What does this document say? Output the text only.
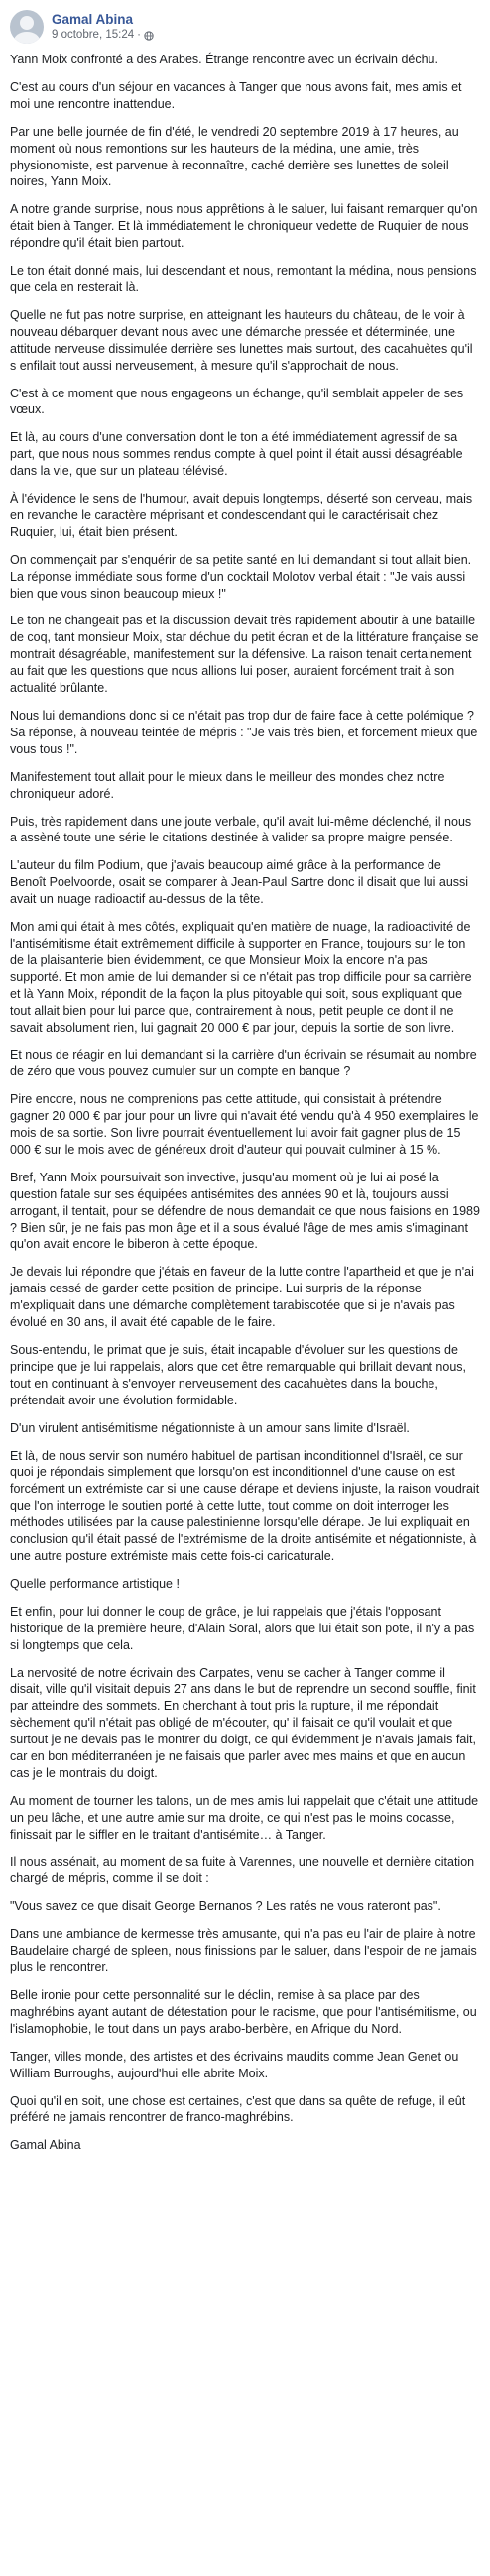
Gamal Abina
9 octobre, 15:24 ·

Yann Moix confronté a des Arabes. Étrange rencontre avec un écrivain déchu.

C'est au cours d'un séjour en vacances à Tanger que nous avons fait, mes amis et moi une rencontre inattendue.

Par une belle journée de fin d'été, le vendredi 20 septembre 2019 à 17 heures, au moment où nous remontions sur les hauteurs de la médina, une amie, très physionomiste, est parvenue à reconnaître, caché derrière ses lunettes de soleil noires, Yann Moix.

A notre grande surprise, nous nous apprêtions à le saluer, lui faisant remarquer qu'on était bien à Tanger. Et là immédiatement le chroniqueur vedette de Ruquier de nous répondre qu'il était bien partout.

Le ton était donné mais, lui descendant et nous, remontant la médina, nous pensions que cela en resterait là.

Quelle ne fut pas notre surprise, en atteignant les hauteurs du château, de le voir à nouveau débarquer devant nous avec une démarche pressée et déterminée, une attitude nerveuse dissimulée derrière ses lunettes mais surtout, des cacahuètes qu'il s enfilait tout aussi nerveusement, à mesure qu'il s'approchait de nous.

C'est à ce moment que nous engageons un échange, qu'il semblait appeler de ses vœux.

Et là, au cours d'une conversation dont le ton a été immédiatement agressif de sa part, que nous nous sommes rendus compte à quel point il était aussi désagréable dans la vie, que sur un plateau télévisé.

À l'évidence le sens de l'humour, avait depuis longtemps, déserté son cerveau, mais en revanche le caractère méprisant et condescendant qui le caractérisait chez Ruquier, lui, était bien présent.

On commençait par s'enquérir de sa petite santé en lui demandant si tout allait bien. La réponse immédiate sous forme d'un cocktail Molotov verbal était : "Je vais aussi bien que vous sinon beaucoup mieux !"

Le ton ne changeait pas et la discussion devait très rapidement aboutir à une bataille de coq, tant monsieur Moix, star déchue du petit écran et de la littérature française se montrait désagréable, manifestement sur la défensive. La raison tenait certainement au fait que les questions que nous allions lui poser, auraient forcément trait à son actualité brûlante.

Nous lui demandions donc si ce n'était pas trop dur de faire face à cette polémique ? Sa réponse, à nouveau teintée de mépris : "Je vais très bien, et forcement mieux que vous tous !".

Manifestement tout allait pour le mieux dans le meilleur des mondes chez notre chroniqueur adoré.

Puis, très rapidement dans une joute verbale, qu'il avait lui-même déclenché, il nous a assèné toute une série le citations destinée à valider sa propre maigre pensée.

L'auteur du film Podium, que j'avais beaucoup aimé grâce à la performance de Benoît Poelvoorde, osait se comparer à Jean-Paul Sartre donc il disait que lui aussi avait un nuage radioactif au-dessus de la tête.

Mon ami qui était à mes côtés, expliquait qu'en matière de nuage, la radioactivité de l'antisémitisme était extrêmement difficile à supporter en France, toujours sur le ton de la plaisanterie bien évidemment, ce que Monsieur Moix la encore n'a pas supporté. Et mon amie de lui demander si ce n'était pas trop difficile pour sa carrière et là Yann Moix, répondit de la façon la plus pitoyable qui soit, sous expliquant que tout allait bien pour lui parce que, contrairement à nous, petit peuple ce dont il ne savait absolument rien, lui gagnait 20 000 € par jour, depuis la sortie de son livre.

Et nous de réagir en lui demandant si la carrière d'un écrivain se résumait au nombre de zéro que vous pouvez cumuler sur un compte en banque ?

Pire encore, nous ne comprenions pas cette attitude, qui consistait à prétendre gagner 20 000 € par jour pour un livre qui n'avait été vendu qu'à 4 950 exemplaires le mois de sa sortie. Son livre pourrait éventuellement lui avoir fait gagner plus de 15 000 € sur le mois avec de généreux droit d'auteur qui pouvait culminer à 15 %.

Bref, Yann Moix poursuivait son invective, jusqu'au moment où je lui ai posé la question fatale sur ses équipées antisémites des années 90 et là, toujours aussi arrogant, il tentait, pour se défendre de nous demandait ce que nous faisions en 1989 ? Bien sûr, je ne fais pas mon âge et il a sous évalué l'âge de mes amis s'imaginant qu'on avait encore le biberon à cette époque.

Je devais lui répondre que j'étais en faveur de la lutte contre l'apartheid et que je n'ai jamais cessé de garder cette position de principe. Lui surpris de la réponse m'expliquait dans une démarche complètement tarabiscotée que si je n'avais pas évolué en 30 ans, il avait été capable de le faire.

Sous-entendu, le primat que je suis, était incapable d'évoluer sur les questions de principe que je lui rappelais, alors que cet être remarquable qui brillait devant nous, tout en continuant à s'envoyer nerveusement des cacahuètes dans la bouche, prétendait avoir une évolution formidable.

D'un virulent antisémitisme négationniste à un amour sans limite d'Israël.

Et là, de nous servir son numéro habituel de partisan inconditionnel d'Israël, ce sur quoi je répondais simplement que lorsqu'on est inconditionnel d'une cause on est forcément un extrémiste car si une cause dérape et deviens injuste, la raison voudrait que l'on interroge le soutien porté à cette lutte, tout comme on doit interroger les méthodes utilisées par la cause palestinienne lorsqu'elle dérape. Je lui expliquait en conclusion qu'il était passé de l'extrémisme de la droite antisémite et négationniste, à une autre posture extrémiste mais cette fois-ci caricaturale.

Quelle performance artistique !

Et enfin, pour lui donner le coup de grâce, je lui rappelais que j'étais l'opposant historique de la première heure, d'Alain Soral, alors que lui était son pote, il n'y a pas si longtemps que cela.

La nervosité de notre écrivain des Carpates, venu se cacher à Tanger comme il disait, ville qu'il visitait depuis 27 ans dans le but de reprendre un second souffle, finit par atteindre des sommets. En cherchant à tout pris la rupture, il me répondait sèchement qu'il n'était pas obligé de m'écouter, qu' il faisait ce qu'il voulait et que surtout je ne devais pas le montrer du doigt, ce qui évidemment je n'avais jamais fait, car en bon méditerranéen je ne faisais que parler avec mes mains et que en aucun cas je le montrais du doigt.

Au moment de tourner les talons, un de mes amis lui rappelait que c'était une attitude un peu lâche, et une autre amie sur ma droite, ce qui n'est pas le moins cocasse, finissait par le siffler en le traitant d'antisémite… à Tanger.

Il nous assénait, au moment de sa fuite à Varennes, une nouvelle et dernière citation chargé de mépris, comme il se doit :

"Vous savez ce que disait George Bernanos ? Les ratés ne vous rateront pas".

Dans une ambiance de kermesse très amusante, qui n'a pas eu l'air de plaire à notre Baudelaire chargé de spleen, nous finissions par le saluer, dans l'espoir de ne jamais plus le rencontrer.

Belle ironie pour cette personnalité sur le déclin, remise à sa place par des maghrébins ayant autant de détestation pour le racisme, que pour l'antisémitisme, ou l'islamophobie, le tout dans un pays arabo-berbère, en Afrique du Nord.

Tanger, villes monde, des artistes et des écrivains maudits comme Jean Genet ou William Burroughs, aujourd'hui elle abrite Moix.

Quoi qu'il en soit, une chose est certaines, c'est que dans sa quête de refuge, il eût préféré ne jamais rencontrer de franco-maghrébins.

Gamal Abina
